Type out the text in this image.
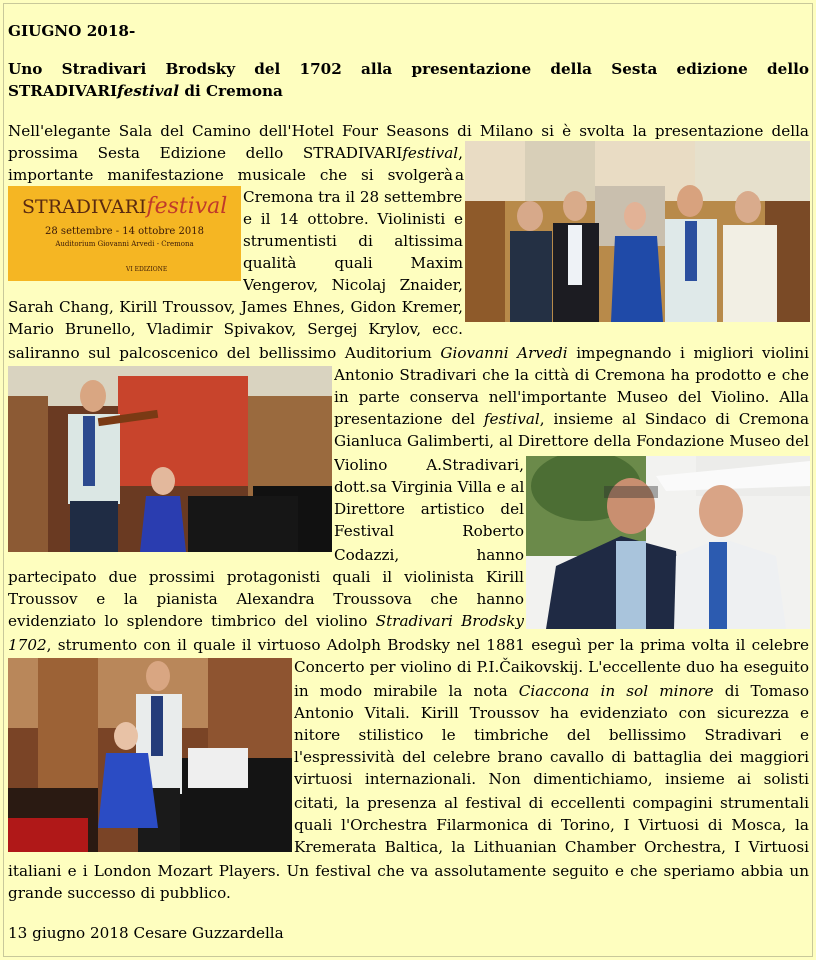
GIUGNO 2018-
Uno Stradivari Brodsky del 1702 alla presentazione della Sesta edizione dello
STRADIVARIfestival di Cremona
Nell'elegante Sala del Camino dell'Hotel Four Seasons di Milano si è svolta la presentazione della
prossima Sesta Edizione dello STRADIVARIfestival,
importante manifestazione musicale che si svolgerà a
Cremona tra il 28 settembre
e il 14 ottobre. Violinisti e
strumentisti di altissima
qualità quali Maxim
Vengerov, Nicolaj Znaider,
Sarah Chang, Kirill Troussov, James Ehnes, Gidon Kremer,
Mario Brunello, Vladimir Spivakov, Sergej Krylov, ecc.
saliranno sul palcoscenico del bellissimo Auditorium Giovanni Arvedi impegnando i migliori violini
Antonio Stradivari che la città di Cremona ha prodotto e che
in parte conserva nell'importante Museo del Violino. Alla
presentazione del festival, insieme al Sindaco di Cremona
Gianluca Galimberti, al Direttore della Fondazione Museo del
Violino A.Stradivari,
dott.sa Virginia Villa e al
Direttore artistico del
Festival Roberto
Codazzi, hanno
partecipato due prossimi protagonisti quali il violinista Kirill
Troussov e la pianista Alexandra Troussova che hanno
evidenziato lo splendore timbrico del violino Stradivari Brodsky
1702, strumento con il quale il virtuoso Adolph Brodsky nel 1881 eseguì per la prima volta il celebre
Concerto per violino di P.I.Čaikovskij. L'eccellente duo ha eseguito
in modo mirabile la nota Ciaccona in sol minore di Tomaso
Antonio Vitali. Kirill Troussov ha evidenziato con sicurezza e
nitore stilistico le timbriche del bellissimo Stradivari e
l'espressività del celebre brano cavallo di battaglia dei maggiori
virtuosi internazionali. Non dimentichiamo, insieme ai solisti
citati, la presenza al festival di eccellenti compagini strumentali
quali l'Orchestra Filarmonica di Torino, I Virtuosi di Mosca, la
Kremerata Baltica, la Lithuanian Chamber Orchestra, I Virtuosi
italiani e i London Mozart Players. Un festival che va assolutamente seguito e che speriamo abbia un
grande successo di pubblico.
13 giugno 2018 Cesare Guzzardella
STRADIVARIfestival
28 settembre - 14 ottobre 2018
Auditorium Giovanni Arvedi - Cremona
VI EDIZIONE
